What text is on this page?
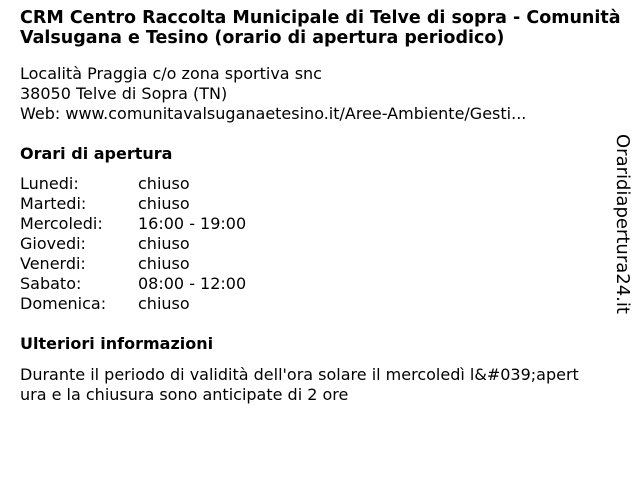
CRM Centro Raccolta Municipale di Telve di sopra - Comunità Valsugana e Tesino (orario di apertura periodico)
Località Praggia c/o zona sportiva snc
38050 Telve di Sopra (TN)
Web: www.comunitavalsuganaetesino.it/Aree-Ambiente/Gesti...
Orari di apertura
Lunedi:	chiuso
Martedi:	chiuso
Mercoledi: 16:00 - 19:00
Giovedi:	chiuso
Venerdi:	chiuso
Sabato:	08:00 - 12:00
Domenica: chiuso
Ulteriori informazioni
Durante il periodo di validità dell'ora solare il mercoledì l&#039;apertura e la chiusura sono anticipate di 2 ore
Oraridiapertura24.it
